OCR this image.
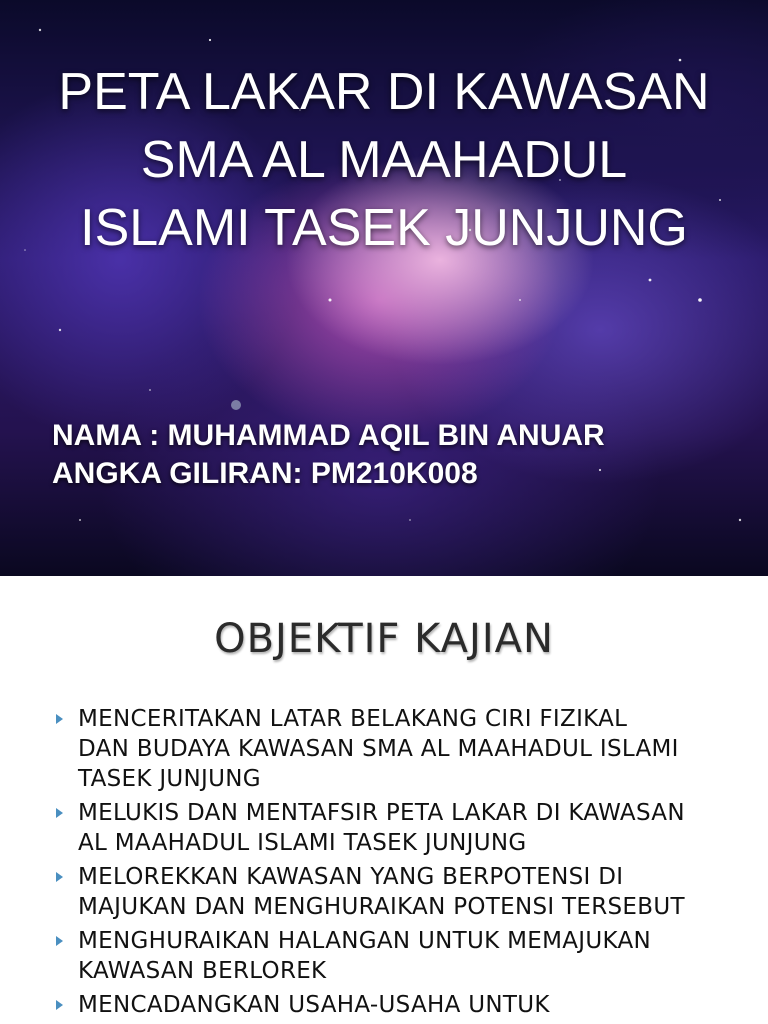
PETA LAKAR DI KAWASAN
SMA AL MAAHADUL
ISLAMI TASEK JUNJUNG
NAMA : MUHAMMAD AQIL BIN ANUAR
ANGKA GILIRAN: PM210K008
OBJEKTIF KAJIAN
MENCERITAKAN LATAR BELAKANG CIRI FIZIKAL
DAN BUDAYA KAWASAN SMA AL MAAHADUL ISLAMI
TASEK JUNJUNG
MELUKIS DAN MENTAFSIR PETA LAKAR DI KAWASAN
AL MAAHADUL ISLAMI TASEK JUNJUNG
MELOREKKAN KAWASAN YANG BERPOTENSI DI
MAJUKAN DAN MENGHURAIKAN POTENSI TERSEBUT
MENGHURAIKAN HALANGAN UNTUK MEMAJUKAN
KAWASAN BERLOREK
MENCADANGKAN USAHA-USAHA UNTUK
